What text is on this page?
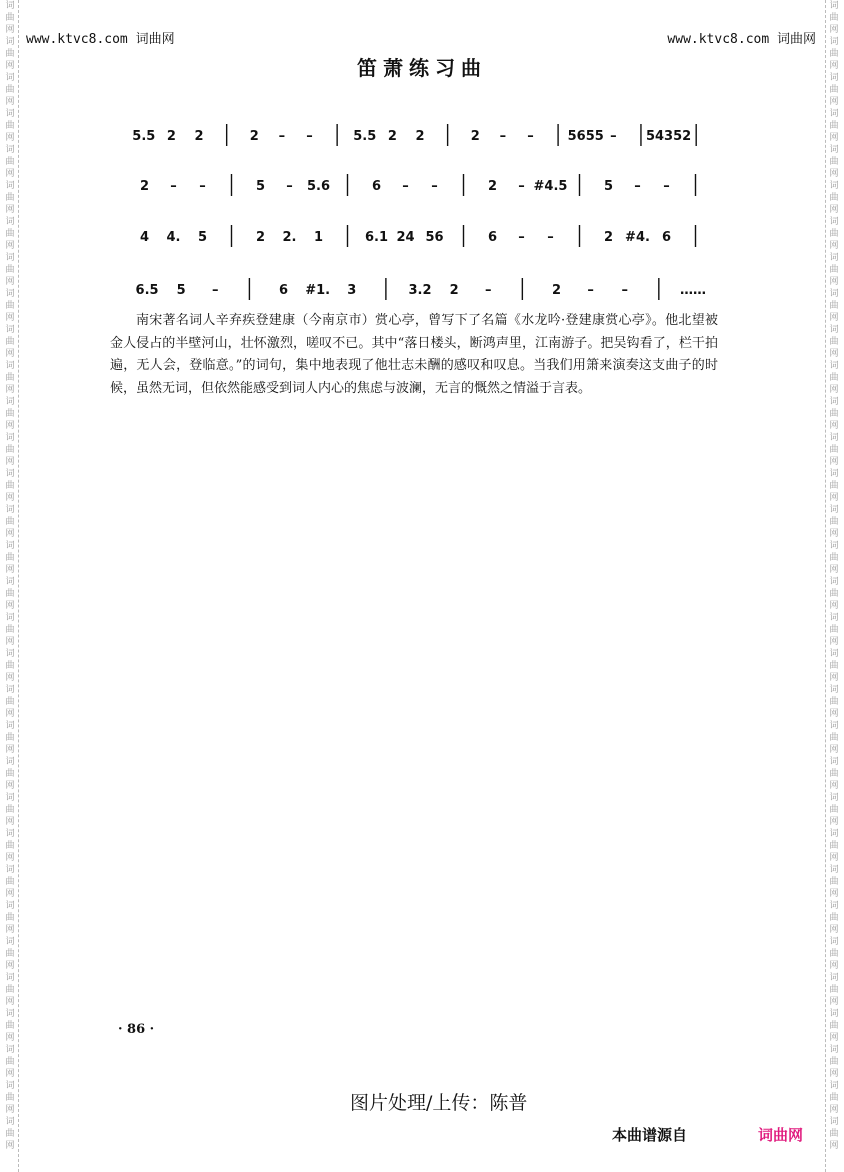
词
曲
网
词
曲
网
词
曲
网
词
曲
网
词
曲
网
词
曲
网
词
曲
网
词
曲
网
词
曲
网
词
曲
网
词
曲
网
词
曲
网
词
曲
网
词
曲
网
词
曲
网
词
曲
网
词
曲
网
词
曲
网
词
曲
网
词
曲
网
词
曲
网
词
曲
网
词
曲
网
词
曲
网
词
曲
网
词
曲
网
词
曲
网
词
曲
网
词
曲
网
词
曲
网
词
曲
网
词
曲
网
词
曲
网
词
曲
网
词
曲
网
词
曲
网
词
曲
网
词
曲
网
词
曲
网
词
曲
网
词
曲
网
词
曲
网
词
曲
网
词
曲
网
词
曲
网
词
曲
网
词
曲
网
词
曲
网
词
曲
网
词
曲
网
词
曲
网
词
曲
网
词
曲
网
词
曲
网
词
曲
网
词
曲
网
词
曲
网
词
曲
网
词
曲
网
词
曲
网
词
曲
网
词
曲
网
词
曲
网
词
曲
网
www.ktvc8.com 词曲网	www.ktvc8.com 词曲网
笛萧练习曲
5.5 2 2	2 – –	5.5 2 2	2 – –	5655 – 54352
2 – –	5 – 5.6	6 – –	2 – #4.5	5 – –
4 4. 5	2 2. 1	6.1 24 56	6 – –	2 #4. 6
6.5 5 –	6 #1. 3	3.2 2 –	2 – –	……
南宋著名词人辛弃疾登建康（今南京市）赏心亭，曾写下了名篇《水龙吟·登建康赏心亭》。他北望被金人侵占的半壁河山，壮怀激烈，嗟叹不已。其中“落日楼头，断鸿声里，江南游子。把吴钩看了，栏干拍遍，无人会，登临意。”的词句，集中地表现了他壮志未酬的感叹和叹息。当我们用箫来演奏这支曲子的时候，虽然无词，但依然能感受到词人内心的焦虑与波澜，无言的慨然之情溢于言表。
· 86 ·
图片处理/上传：陈普
本曲谱源自	词曲网
